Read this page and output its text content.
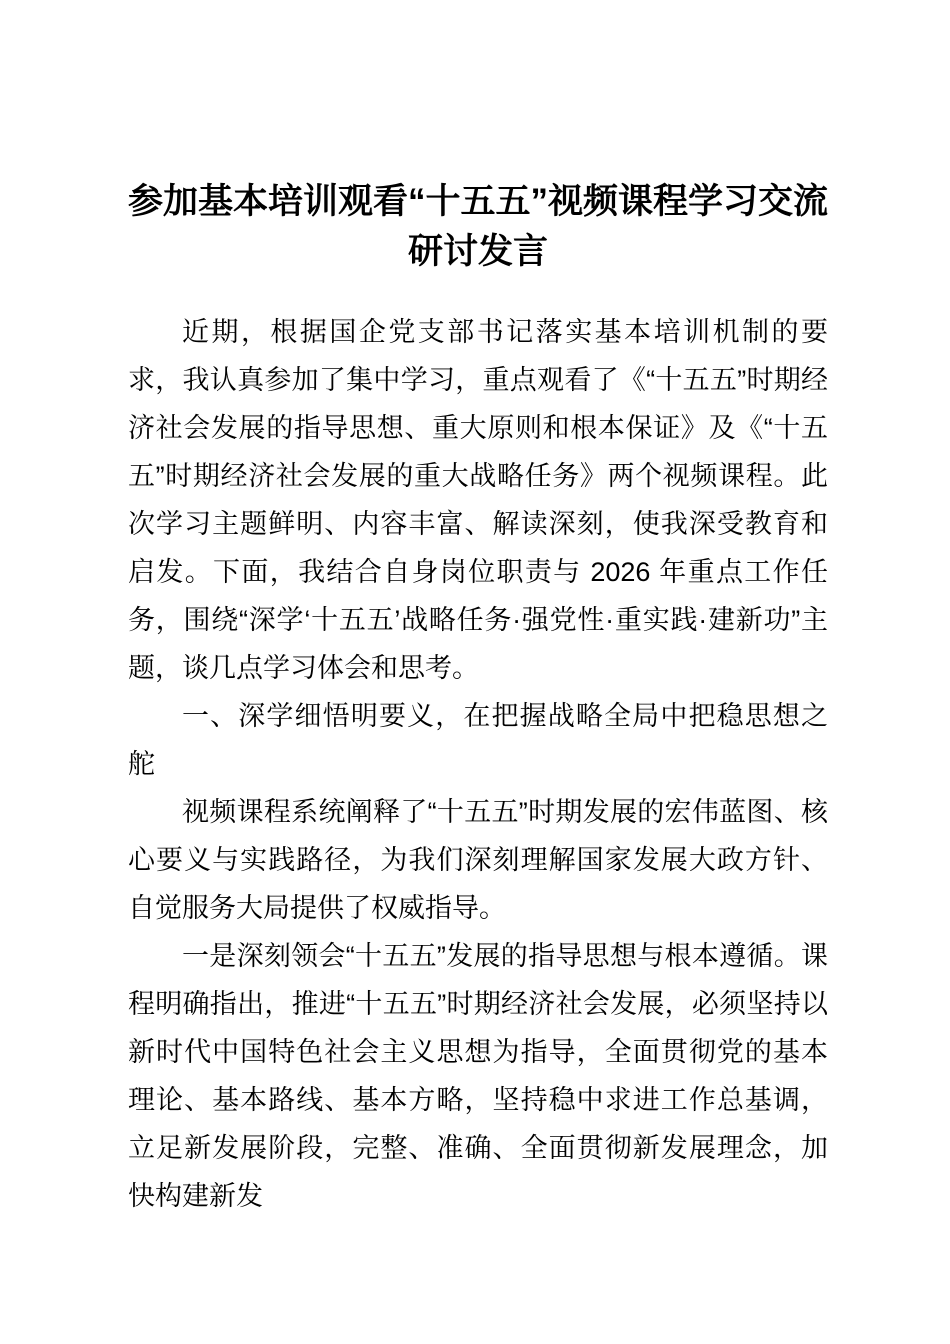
参加基本培训观看“十五五”视频课程学习交流研讨发言

近期，根据国企党支部书记落实基本培训机制的要求，我认真参加了集中学习，重点观看了《“十五五”时期经济社会发展的指导思想、重大原则和根本保证》及《“十五五”时期经济社会发展的重大战略任务》两个视频课程。此次学习主题鲜明、内容丰富、解读深刻，使我深受教育和启发。下面，我结合自身岗位职责与 2026 年重点工作任务，围绕“深学‘十五五’战略任务·强党性·重实践·建新功”主题，谈几点学习体会和思考。

一、深学细悟明要义，在把握战略全局中把稳思想之舵

视频课程系统阐释了“十五五”时期发展的宏伟蓝图、核心要义与实践路径，为我们深刻理解国家发展大政方针、自觉服务大局提供了权威指导。

一是深刻领会“十五五”发展的指导思想与根本遵循。课程明确指出，推进“十五五”时期经济社会发展，必须坚持以新时代中国特色社会主义思想为指导，全面贯彻党的基本理论、基本路线、基本方略，坚持稳中求进工作总基调，立足新发展阶段，完整、准确、全面贯彻新发展理念，加快构建新发
